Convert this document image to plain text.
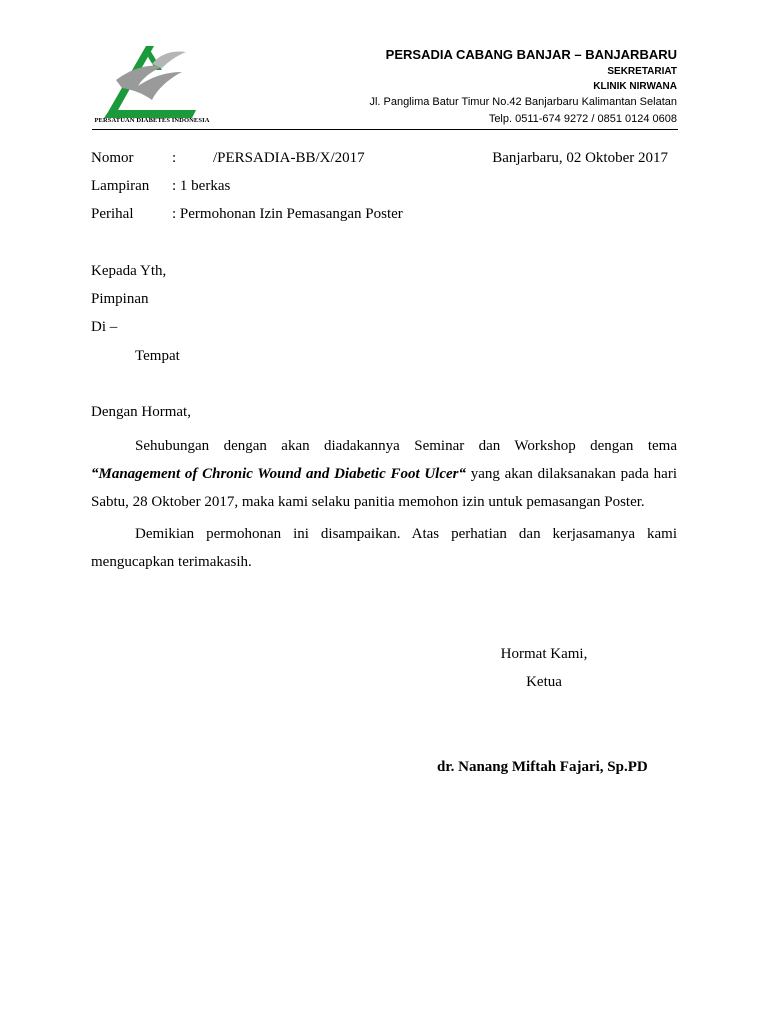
PERSATUAN DIABETES INDONESIA
PERSADIA CABANG BANJAR – BANJARBARU
SEKRETARIAT
KLINIK NIRWANA
Jl. Panglima Batur Timur No.42 Banjarbaru Kalimantan Selatan
Telp. 0511-674 9272 / 0851 0124 0608
Nomor	: /PERSADIA-BB/X/2017	Banjarbaru, 02 Oktober 2017
Lampiran : 1 berkas
Perihal	: Permohonan Izin Pemasangan Poster
Kepada Yth,
Pimpinan
Di –
Tempat
Dengan Hormat,
Sehubungan dengan akan diadakannya Seminar dan Workshop dengan tema “Management of Chronic Wound and Diabetic Foot Ulcer“ yang akan dilaksanakan pada hari Sabtu, 28 Oktober 2017, maka kami selaku panitia memohon izin untuk pemasangan Poster.
Demikian permohonan ini disampaikan. Atas perhatian dan kerjasamanya kami mengucapkan terimakasih.
Hormat Kami,
Ketua
dr. Nanang Miftah Fajari, Sp.PD
